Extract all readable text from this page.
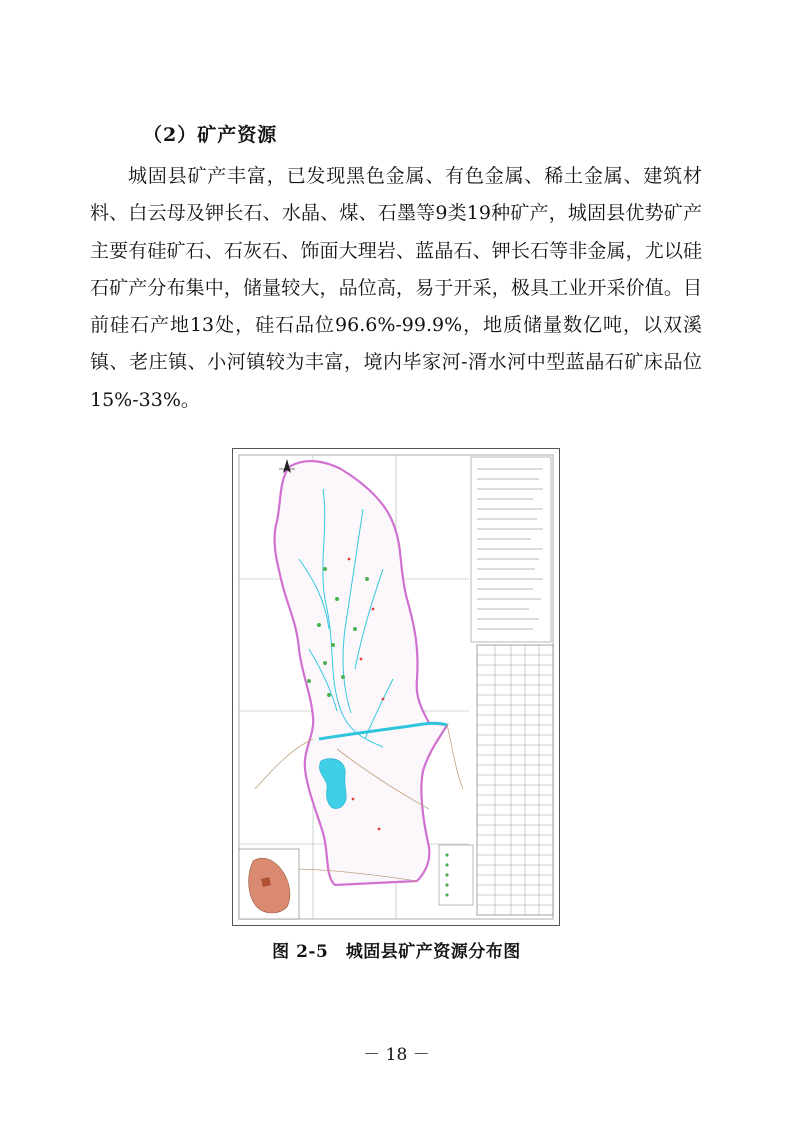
（2）矿产资源

城固县矿产丰富，已发现黑色金属、有色金属、稀土金属、建筑材料、白云母及钾长石、水晶、煤、石墨等9类19种矿产，城固县优势矿产主要有硅矿石、石灰石、饰面大理岩、蓝晶石、钾长石等非金属，尤以硅石矿产分布集中，储量较大，品位高，易于开采，极具工业开采价值。目前硅石产地13处，硅石品位96.6%-99.9%，地质储量数亿吨，以双溪镇、老庄镇、小河镇较为丰富，境内毕家河-湑水河中型蓝晶石矿床品位15%-33%。

图 2-5　城固县矿产资源分布图
－ 18 －
